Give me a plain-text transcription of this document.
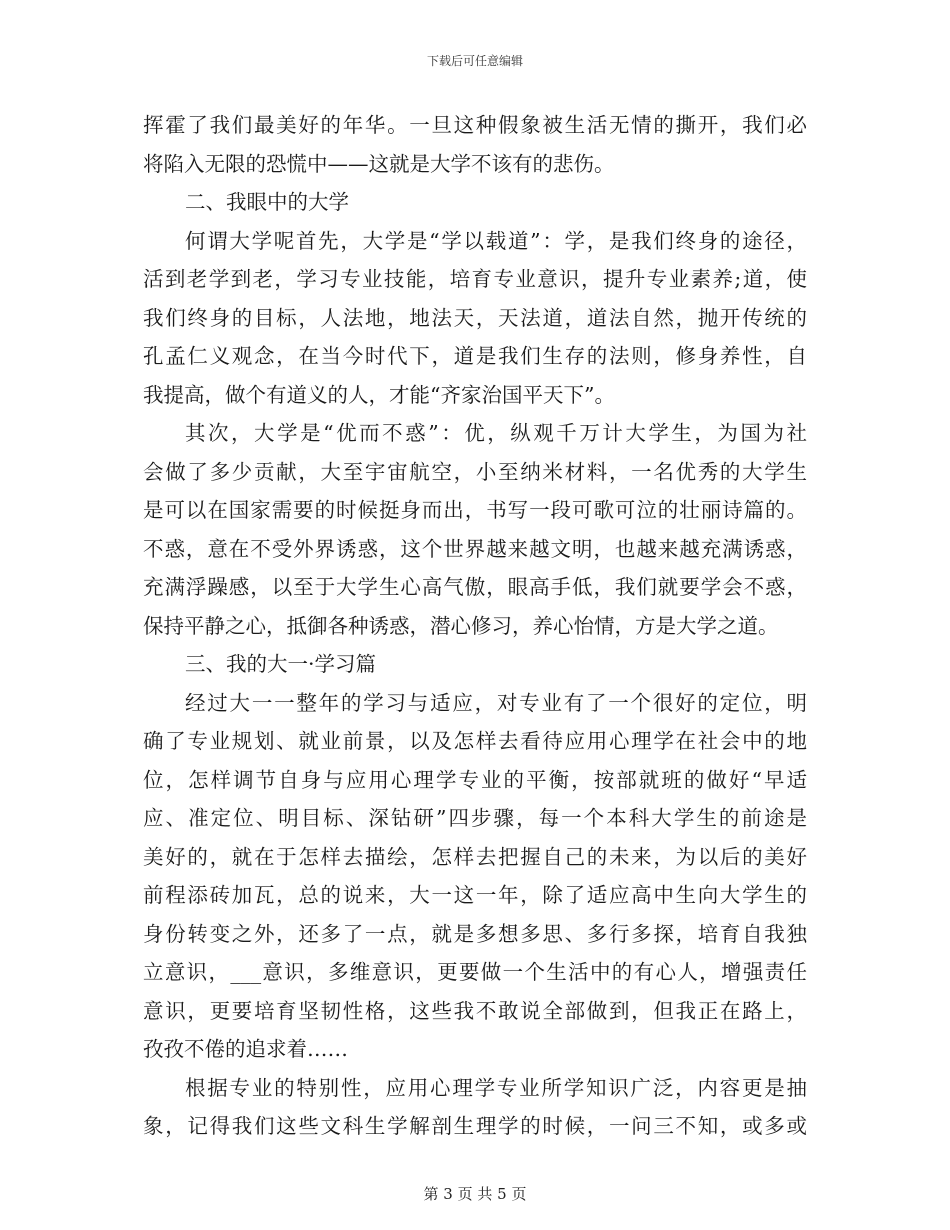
下载后可任意编辑
挥霍了我们最美好的年华。一旦这种假象被生活无情的撕开，我们必
将陷入无限的恐慌中——这就是大学不该有的悲伤。
二、我眼中的大学
何谓大学呢首先，大学是“学以载道”：学，是我们终身的途径，
活到老学到老，学习专业技能，培育专业意识，提升专业素养;道，使
我们终身的目标，人法地，地法天，天法道，道法自然，抛开传统的
孔孟仁义观念，在当今时代下，道是我们生存的法则，修身养性，自
我提高，做个有道义的人，才能“齐家治国平天下”。
其次，大学是“优而不惑”：优，纵观千万计大学生，为国为社
会做了多少贡献，大至宇宙航空，小至纳米材料，一名优秀的大学生
是可以在国家需要的时候挺身而出，书写一段可歌可泣的壮丽诗篇的。
不惑，意在不受外界诱惑，这个世界越来越文明，也越来越充满诱惑，
充满浮躁感，以至于大学生心高气傲，眼高手低，我们就要学会不惑，
保持平静之心，抵御各种诱惑，潜心修习，养心怡情，方是大学之道。
三、我的大一·学习篇
经过大一一整年的学习与适应，对专业有了一个很好的定位，明
确了专业规划、就业前景，以及怎样去看待应用心理学在社会中的地
位，怎样调节自身与应用心理学专业的平衡，按部就班的做好“早适
应、准定位、明目标、深钻研”四步骤，每一个本科大学生的前途是
美好的，就在于怎样去描绘，怎样去把握自己的未来，为以后的美好
前程添砖加瓦，总的说来，大一这一年，除了适应高中生向大学生的
身份转变之外，还多了一点，就是多想多思、多行多探，培育自我独
立意识，___意识，多维意识，更要做一个生活中的有心人，增强责任
意识，更要培育坚韧性格，这些我不敢说全部做到，但我正在路上，
孜孜不倦的追求着……
根据专业的特别性，应用心理学专业所学知识广泛，内容更是抽
象，记得我们这些文科生学解剖生理学的时候，一问三不知，或多或
第 3 页 共 5 页
